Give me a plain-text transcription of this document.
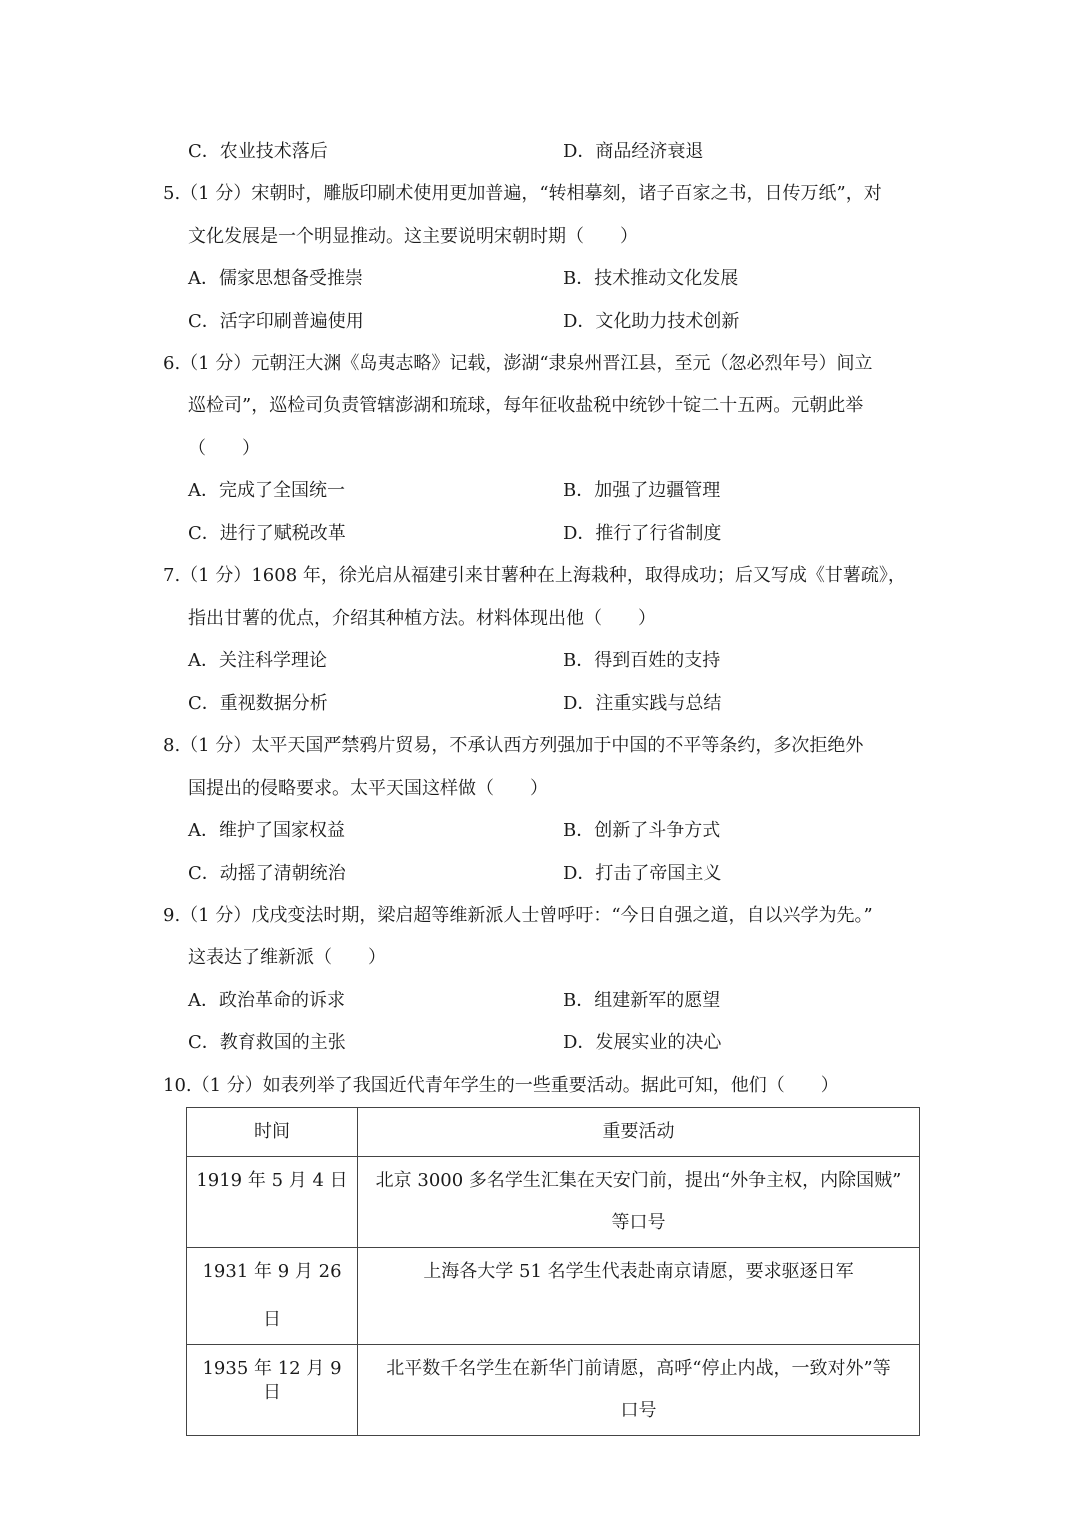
C．农业技术落后	D．商品经济衰退
5.（1 分）宋朝时，雕版印刷术使用更加普遍，“转相摹刻，诸子百家之书，日传万纸”，对
文化发展是一个明显推动。这主要说明宋朝时期（　　）
A．儒家思想备受推崇	B．技术推动文化发展
C．活字印刷普遍使用	D．文化助力技术创新
6.（1 分）元朝汪大渊《岛夷志略》记载，澎湖“隶泉州晋江县，至元（忽必烈年号）间立
巡检司”，巡检司负责管辖澎湖和琉球，每年征收盐税中统钞十锭二十五两。元朝此举
（　　）
A．完成了全国统一	B．加强了边疆管理
C．进行了赋税改革	D．推行了行省制度
7.（1 分）1608 年，徐光启从福建引来甘薯种在上海栽种，取得成功；后又写成《甘薯疏》，
指出甘薯的优点，介绍其种植方法。材料体现出他（　　）
A．关注科学理论	B．得到百姓的支持
C．重视数据分析	D．注重实践与总结
8.（1 分）太平天国严禁鸦片贸易，不承认西方列强加于中国的不平等条约，多次拒绝外
国提出的侵略要求。太平天国这样做（　　）
A．维护了国家权益	B．创新了斗争方式
C．动摇了清朝统治	D．打击了帝国主义
9.（1 分）戊戌变法时期，梁启超等维新派人士曾呼吁：“今日自强之道，自以兴学为先。”
这表达了维新派（　　）
A．政治革命的诉求	B．组建新军的愿望
C．教育救国的主张	D．发展实业的决心
10.（1 分）如表列举了我国近代青年学生的一些重要活动。据此可知，他们（　　）
时间	重要活动
1919 年 5 月 4 日	北京 3000 多名学生汇集在天安门前，提出“外争主权，内除国贼”
等口号

1931 年 9 月 26 日	上海各大学 51 名学生代表赴南京请愿，要求驱逐日军

1935 年 12 月 9 日	北平数千名学生在新华门前请愿，高呼“停止内战，一致对外”等
口号
